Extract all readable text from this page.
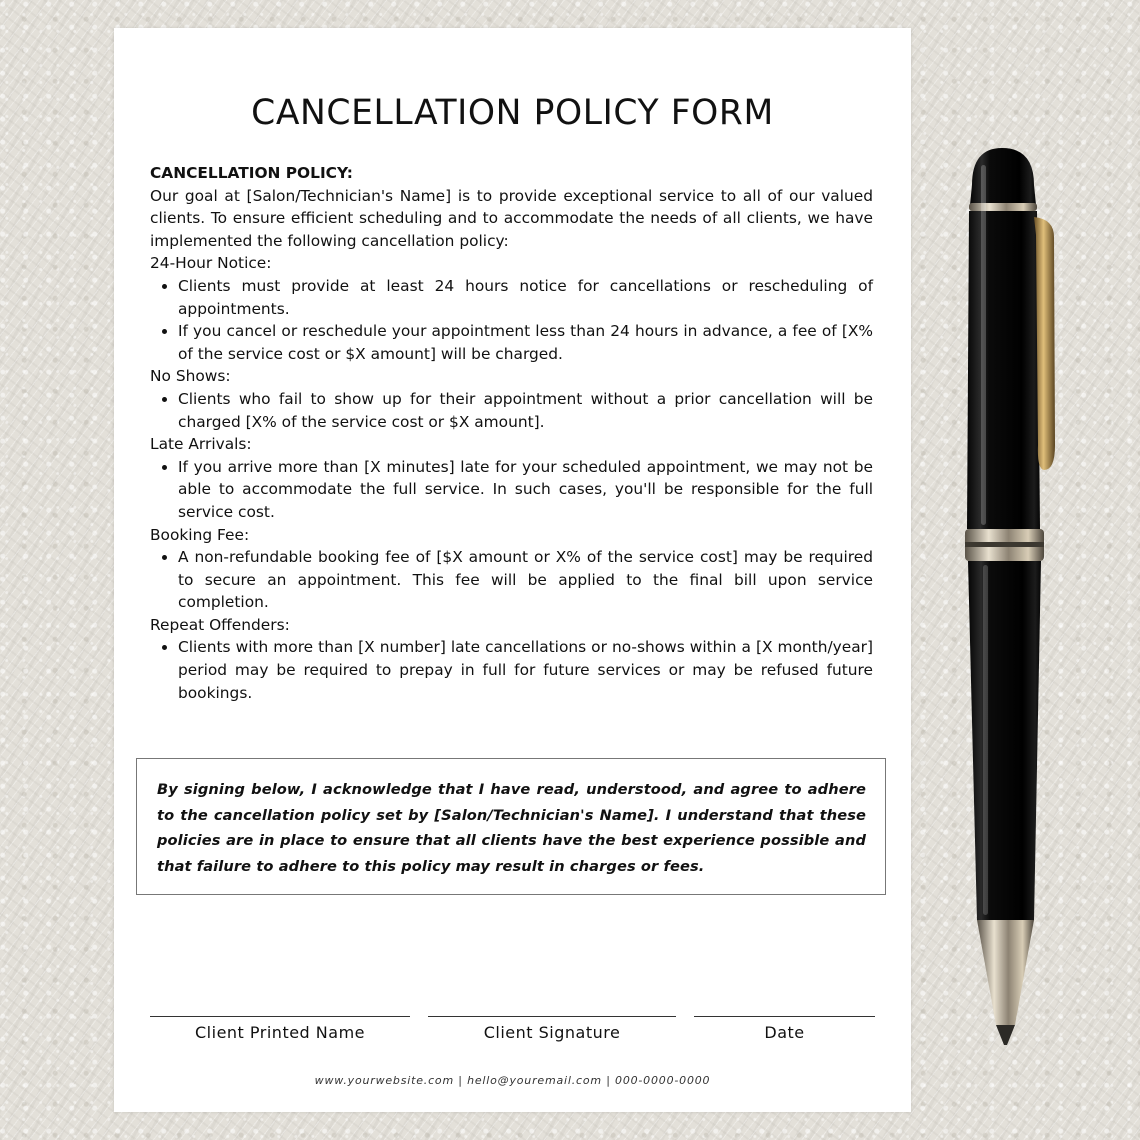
CANCELLATION POLICY FORM
CANCELLATION POLICY:
Our goal at [Salon/Technician's Name] is to provide exceptional service to all of our valued clients. To ensure efficient scheduling and to accommodate the needs of all clients, we have implemented the following cancellation policy:
24-Hour Notice:
• Clients must provide at least 24 hours notice for cancellations or rescheduling of appointments.
• If you cancel or reschedule your appointment less than 24 hours in advance, a fee of [X% of the service cost or $X amount] will be charged.
No Shows:
• Clients who fail to show up for their appointment without a prior cancellation will be charged [X% of the service cost or $X amount].
Late Arrivals:
• If you arrive more than [X minutes] late for your scheduled appointment, we may not be able to accommodate the full service. In such cases, you'll be responsible for the full service cost.
Booking Fee:
• A non-refundable booking fee of [$X amount or X% of the service cost] may be required to secure an appointment. This fee will be applied to the final bill upon service completion.
Repeat Offenders:
• Clients with more than [X number] late cancellations or no-shows within a [X month/year] period may be required to prepay in full for future services or may be refused future bookings.
By signing below, I acknowledge that I have read, understood, and agree to adhere to the cancellation policy set by [Salon/Technician's Name]. I understand that these policies are in place to ensure that all clients have the best experience possible and that failure to adhere to this policy may result in charges or fees.
Client Printed Name	Client Signature	Date
www.yourwebsite.com | hello@youremail.com | 000-0000-0000
